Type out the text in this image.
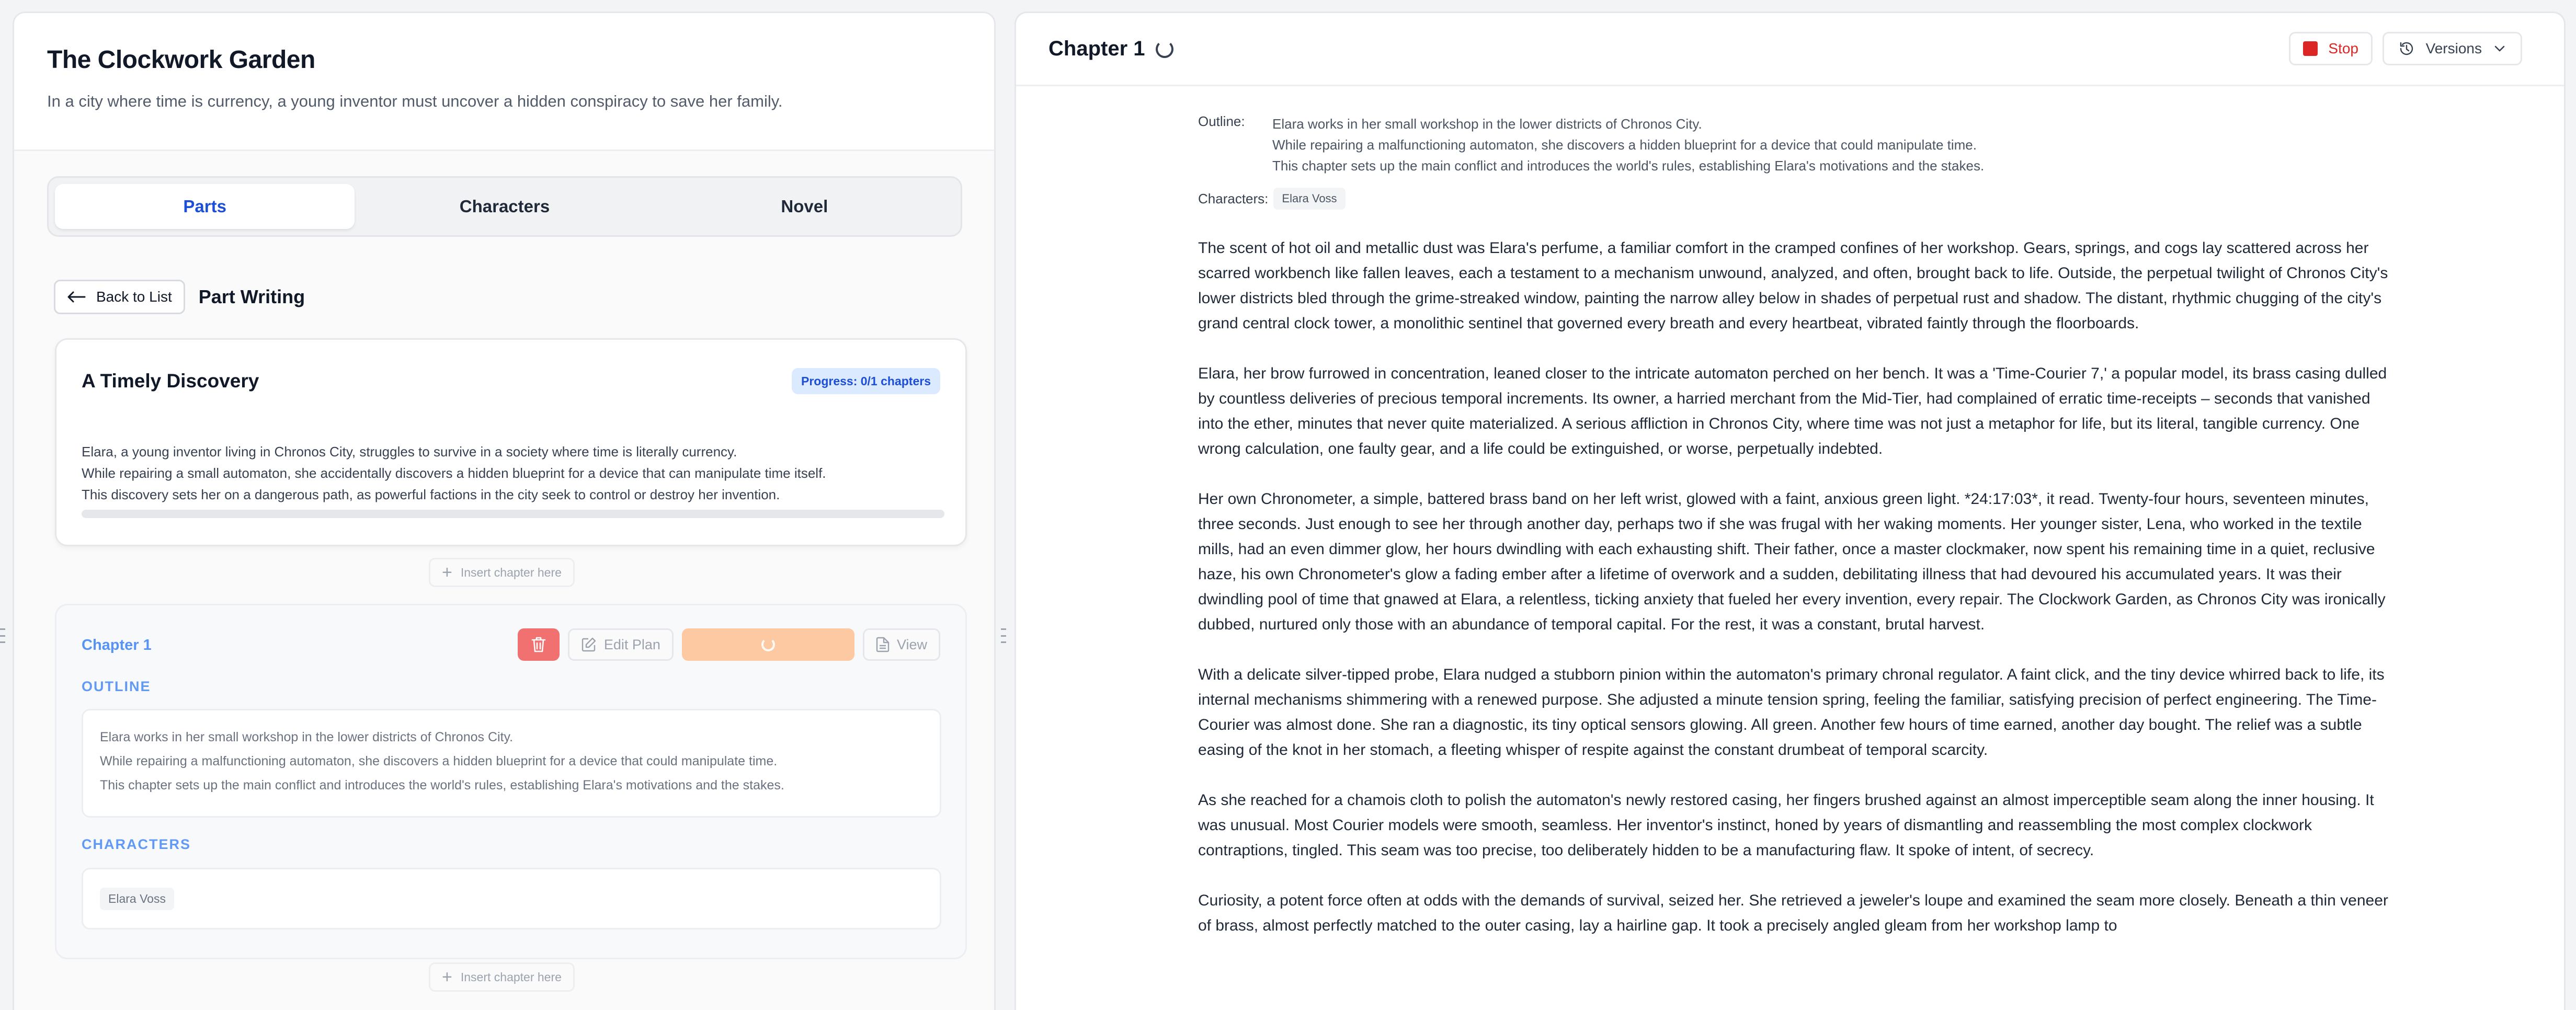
The Clockwork Garden
In a city where time is currency, a young inventor must uncover a hidden conspiracy to save her family.
Parts	Characters	Novel
Back to List Part Writing
A Timely Discovery	Progress: 0/1 chapters
Elara, a young inventor living in Chronos City, struggles to survive in a society where time is literally currency.
While repairing a small automaton, she accidentally discovers a hidden blueprint for a device that can manipulate time itself.
This discovery sets her on a dangerous path, as powerful factions in the city seek to control or destroy her invention.
+ Insert chapter here
Chapter 1	Edit Plan	View
OUTLINE
Elara works in her small workshop in the lower districts of Chronos City.
While repairing a malfunctioning automaton, she discovers a hidden blueprint for a device that could manipulate time.
This chapter sets up the main conflict and introduces the world's rules, establishing Elara's motivations and the stakes.
CHARACTERS
Elara Voss
+ Insert chapter here
Chapter 1	Stop	Versions
Outline:	Elara works in her small workshop in the lower districts of Chronos City.
While repairing a malfunctioning automaton, she discovers a hidden blueprint for a device that could manipulate time.
This chapter sets up the main conflict and introduces the world's rules, establishing Elara's motivations and the stakes.
Characters:	Elara Voss

The scent of hot oil and metallic dust was Elara's perfume, a familiar comfort in the cramped confines of her workshop. Gears, springs, and cogs lay scattered across her scarred workbench like fallen leaves, each a testament to a mechanism unwound, analyzed, and often, brought back to life. Outside, the perpetual twilight of Chronos City's lower districts bled through the grime-streaked window, painting the narrow alley below in shades of perpetual rust and shadow. The distant, rhythmic chugging of the city's grand central clock tower, a monolithic sentinel that governed every breath and every heartbeat, vibrated faintly through the floorboards.

Elara, her brow furrowed in concentration, leaned closer to the intricate automaton perched on her bench. It was a 'Time-Courier 7,' a popular model, its brass casing dulled by countless deliveries of precious temporal increments. Its owner, a harried merchant from the Mid-Tier, had complained of erratic time-receipts – seconds that vanished into the ether, minutes that never quite materialized. A serious affliction in Chronos City, where time was not just a metaphor for life, but its literal, tangible currency. One wrong calculation, one faulty gear, and a life could be extinguished, or worse, perpetually indebted.

Her own Chronometer, a simple, battered brass band on her left wrist, glowed with a faint, anxious green light. *24:17:03*, it read. Twenty-four hours, seventeen minutes, three seconds. Just enough to see her through another day, perhaps two if she was frugal with her waking moments. Her younger sister, Lena, who worked in the textile mills, had an even dimmer glow, her hours dwindling with each exhausting shift. Their father, once a master clockmaker, now spent his remaining time in a quiet, reclusive haze, his own Chronometer's glow a fading ember after a lifetime of overwork and a sudden, debilitating illness that had devoured his accumulated years. It was their dwindling pool of time that gnawed at Elara, a relentless, ticking anxiety that fueled her every invention, every repair. The Clockwork Garden, as Chronos City was ironically dubbed, nurtured only those with an abundance of temporal capital. For the rest, it was a constant, brutal harvest.

With a delicate silver-tipped probe, Elara nudged a stubborn pinion within the automaton's primary chronal regulator. A faint click, and the tiny device whirred back to life, its internal mechanisms shimmering with a renewed purpose. She adjusted a minute tension spring, feeling the familiar, satisfying precision of perfect engineering. The Time-Courier was almost done. She ran a diagnostic, its tiny optical sensors glowing. All green. Another few hours of time earned, another day bought. The relief was a subtle easing of the knot in her stomach, a fleeting whisper of respite against the constant drumbeat of temporal scarcity.

As she reached for a chamois cloth to polish the automaton's newly restored casing, her fingers brushed against an almost imperceptible seam along the inner housing. It was unusual. Most Courier models were smooth, seamless. Her inventor's instinct, honed by years of dismantling and reassembling the most complex clockwork contraptions, tingled. This seam was too precise, too deliberately hidden to be a manufacturing flaw. It spoke of intent, of secrecy.

Curiosity, a potent force often at odds with the demands of survival, seized her. She retrieved a jeweler's loupe and examined the seam more closely. Beneath a thin veneer of brass, almost perfectly matched to the outer casing, lay a hairline gap. It took a precisely angled gleam from her workshop lamp to
